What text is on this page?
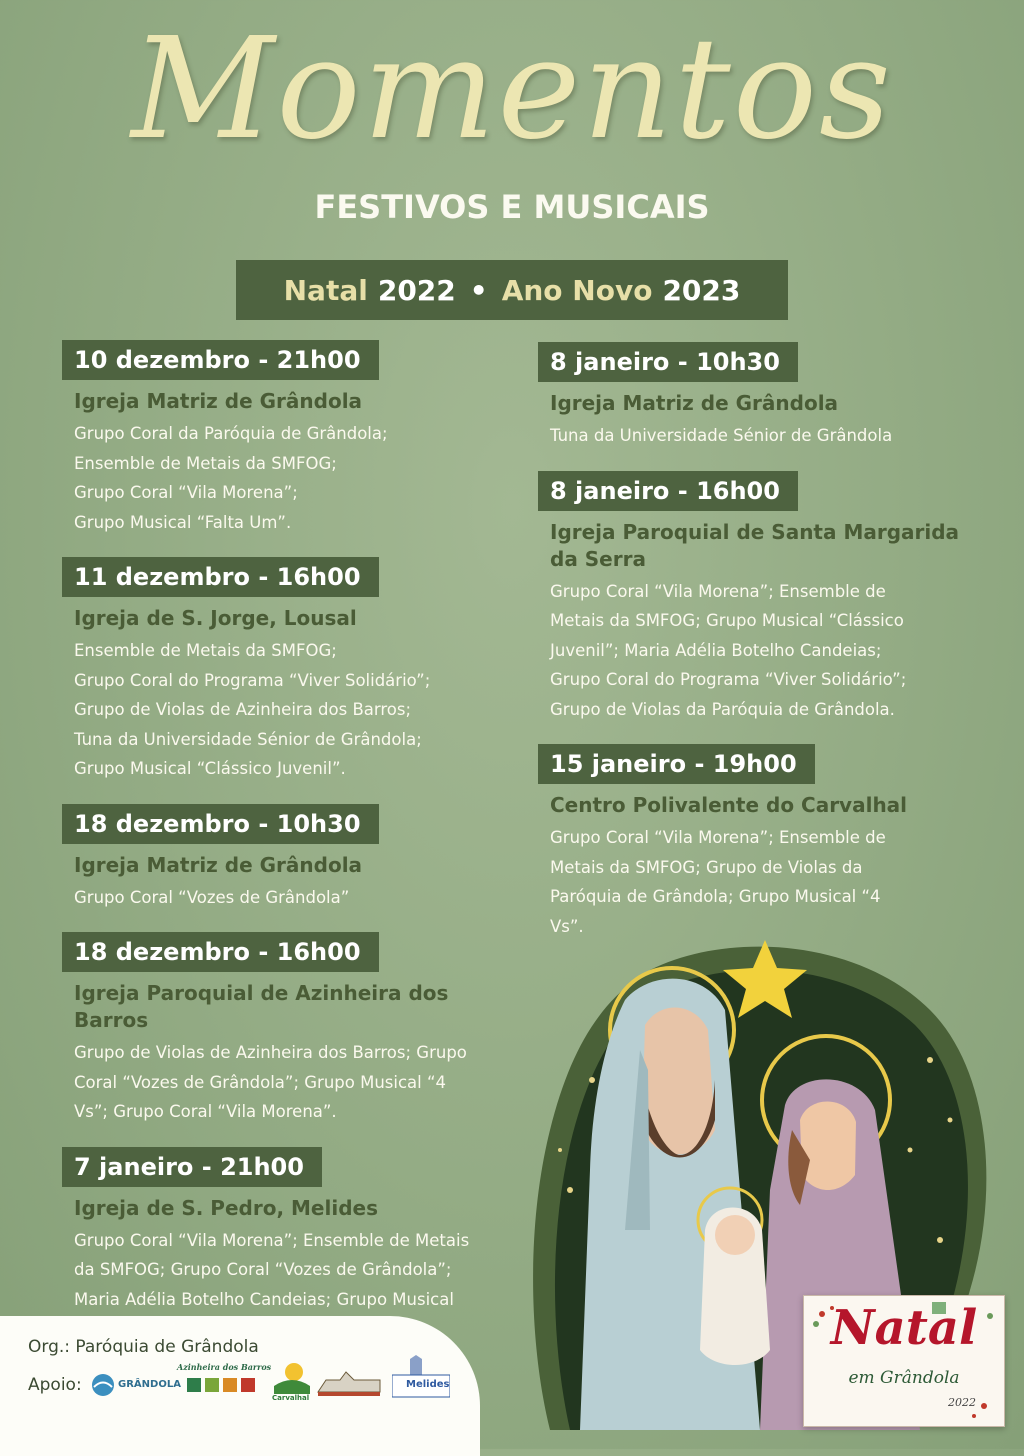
Momentos
FESTIVOS E MUSICAIS
Natal 2022 • Ano Novo 2023
10 dezembro - 21h00
Igreja Matriz de Grândola
Grupo Coral da Paróquia de Grândola;
Ensemble de Metais da SMFOG;
Grupo Coral “Vila Morena”;
Grupo Musical “Falta Um”.
11 dezembro - 16h00
Igreja de S. Jorge, Lousal
Ensemble de Metais da SMFOG;
Grupo Coral do Programa “Viver Solidário”;
Grupo de Violas de Azinheira dos Barros;
Tuna da Universidade Sénior de Grândola;
Grupo Musical “Clássico Juvenil”.
18 dezembro - 10h30
Igreja Matriz de Grândola
Grupo Coral “Vozes de Grândola”
18 dezembro - 16h00
Igreja Paroquial de Azinheira dos Barros
Grupo de Violas de Azinheira dos Barros; Grupo
Coral “Vozes de Grândola”; Grupo Musical “4
Vs”; Grupo Coral “Vila Morena”.
7 janeiro - 21h00
Igreja de S. Pedro, Melides
Grupo Coral “Vila Morena”; Ensemble de Metais
da SMFOG; Grupo Coral “Vozes de Grândola”;
Maria Adélia Botelho Candeias; Grupo Musical
8 janeiro - 10h30
Igreja Matriz de Grândola
Tuna da Universidade Sénior de Grândola
8 janeiro - 16h00
Igreja Paroquial de Santa Margarida da Serra
Grupo Coral “Vila Morena”; Ensemble de
Metais da SMFOG; Grupo Musical “Clássico
Juvenil”; Maria Adélia Botelho Candeias;
Grupo Coral do Programa “Viver Solidário”;
Grupo de Violas da Paróquia de Grândola.
15 janeiro - 19h00
Centro Polivalente do Carvalhal
Grupo Coral “Vila Morena”; Ensemble de
Metais da SMFOG; Grupo de Violas da
Paróquia de Grândola; Grupo Musical “4
Vs”.
Org.: Paróquia de Grândola
Apoio:	GRÂNDOLA
Azinheira dos Barros
Carvalhal
Melides
Natal
em Grândola
2022
